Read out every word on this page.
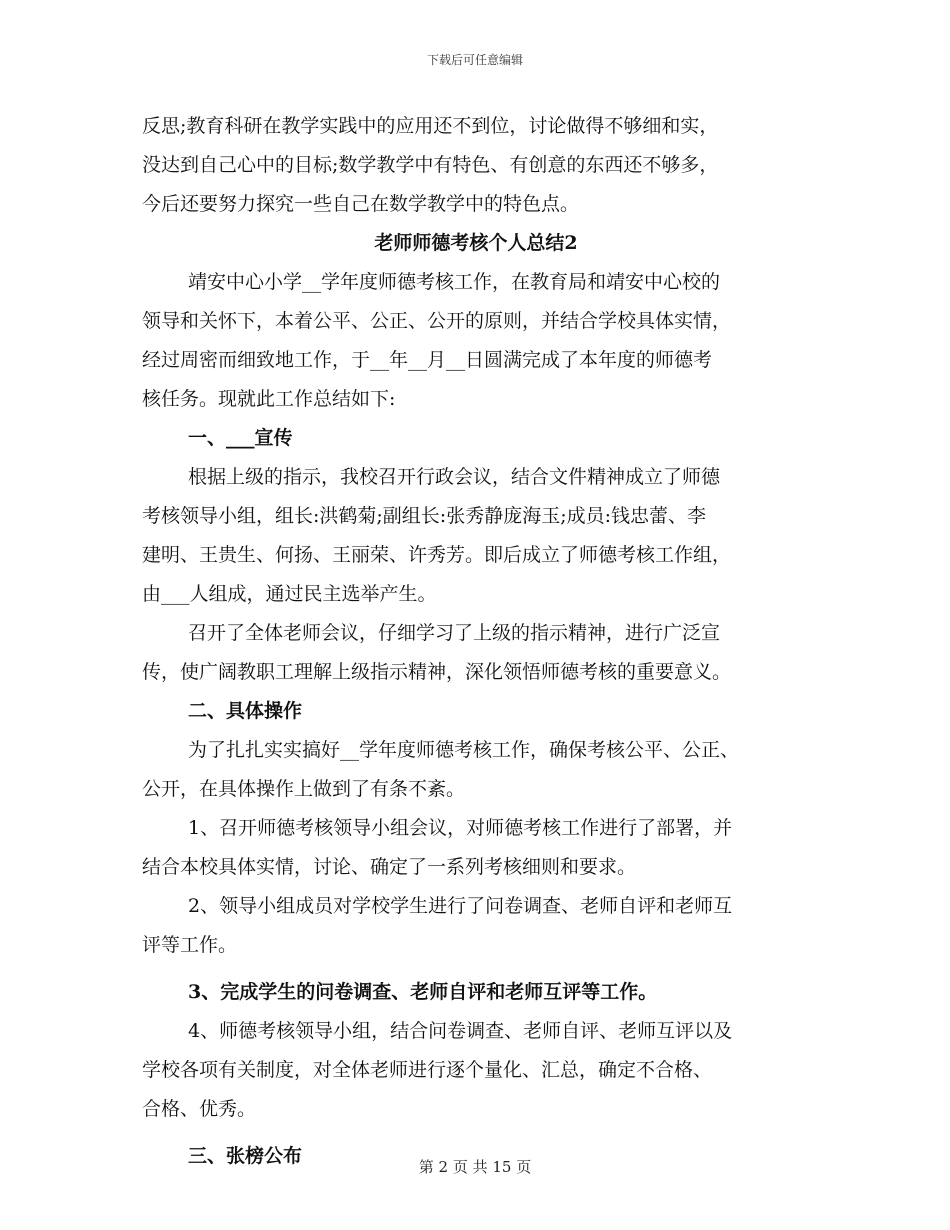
下载后可任意编辑
反思;教育科研在教学实践中的应用还不到位，讨论做得不够细和实，
没达到自己心中的目标;数学教学中有特色、有创意的东西还不够多，
今后还要努力探究一些自己在数学教学中的特色点。
老师师德考核个人总结2
靖安中心小学__学年度师德考核工作，在教育局和靖安中心校的
领导和关怀下，本着公平、公正、公开的原则，并结合学校具体实情，
经过周密而细致地工作，于__年__月__日圆满完成了本年度的师德考
核任务。现就此工作总结如下:
一、___宣传
根据上级的指示，我校召开行政会议，结合文件精神成立了师德
考核领导小组，组长:洪鹤菊;副组长:张秀静庞海玉;成员:钱忠蕾、李
建明、王贵生、何扬、王丽荣、许秀芳。即后成立了师德考核工作组，
由___人组成，通过民主选举产生。
召开了全体老师会议，仔细学习了上级的指示精神，进行广泛宣
传，使广阔教职工理解上级指示精神，深化领悟师德考核的重要意义。
二、具体操作
为了扎扎实实搞好__学年度师德考核工作，确保考核公平、公正、
公开，在具体操作上做到了有条不紊。
1、召开师德考核领导小组会议，对师德考核工作进行了部署，并
结合本校具体实情，讨论、确定了一系列考核细则和要求。
2、领导小组成员对学校学生进行了问卷调查、老师自评和老师互
评等工作。
3、完成学生的问卷调查、老师自评和老师互评等工作。
4、师德考核领导小组，结合问卷调查、老师自评、老师互评以及
学校各项有关制度，对全体老师进行逐个量化、汇总，确定不合格、
合格、优秀。
三、张榜公布	第 2 页 共 15 页
